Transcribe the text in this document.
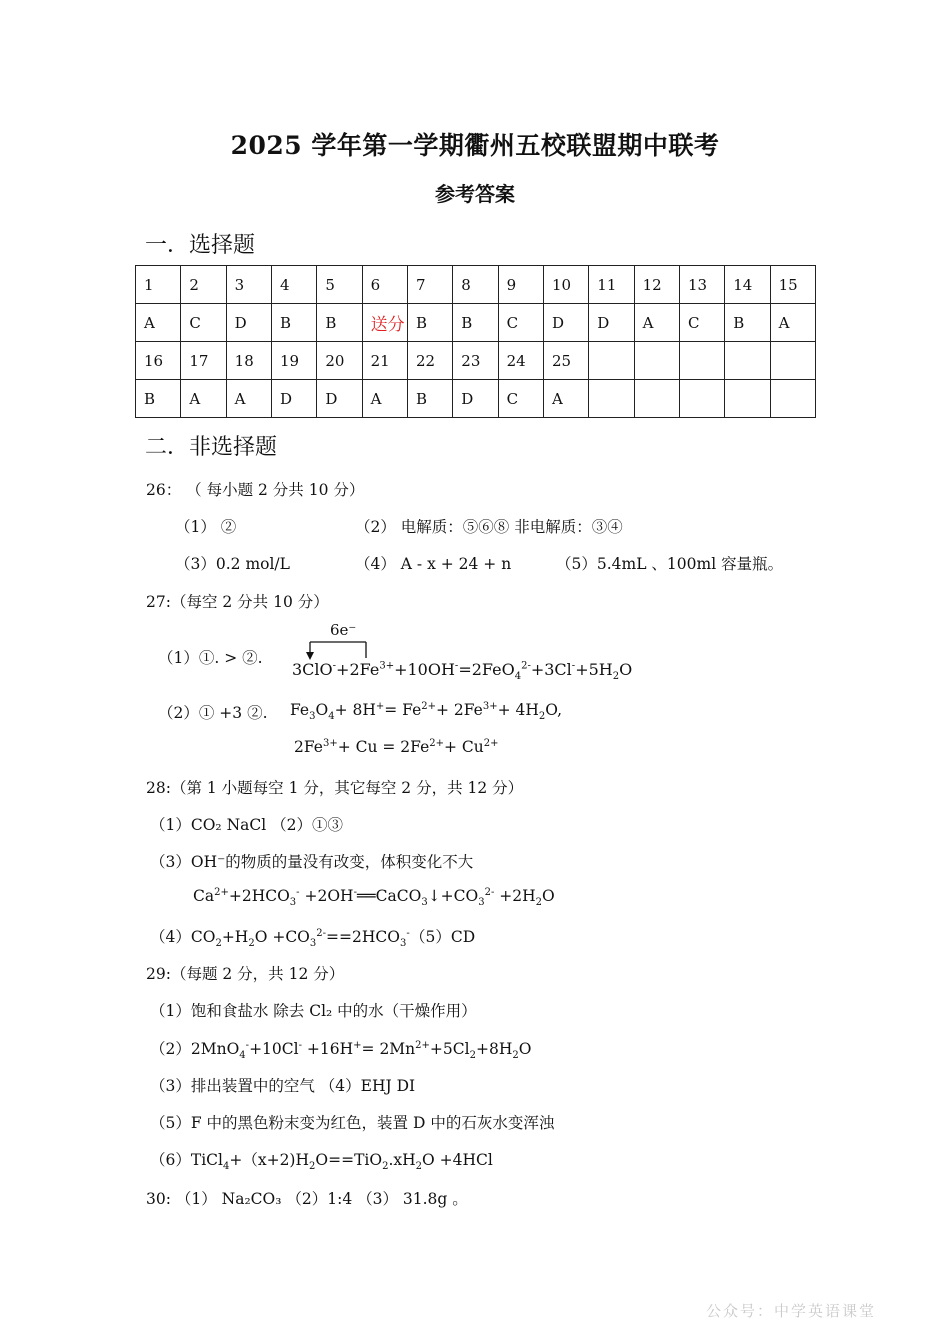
2025 学年第一学期衢州五校联盟期中联考
参考答案
一．选择题
1	2	3	4	5	6	7	8	9	10	11	12	13	14	15
A	C	D	B	B	送分	B	B	C	D	D	A	C	B	A
16	17	18	19	20	21	22	23	24	25					
B	A	A	D	D	A	B	D	C	A					
二．非选择题
26： （ 每小题 2 分共 10 分）
（1） ②	（2） 电解质：⑤⑥⑧ 非电解质：③④
（3）0.2 mol/L	（4） A - x + 24 + n	（5）5.4mL 、100ml 容量瓶。
27:（每空 2 分共 10 分）
（1）①. > ②.
6e⁻
$3ClO^-+2Fe^{3+}+10OH^-=2FeO_4^{2-}+3Cl^-+5H_2O$
（2）① +3 ②. $Fe_3O_4+ 8H^+= Fe^{2+}+ 2Fe^{3+}+ 4H_2O$,
$2Fe^{3+}+ Cu = 2Fe^{2+}+ Cu^{2+}$
28:（第 1 小题每空 1 分，其它每空 2 分，共 12 分）
（1）CO₂ NaCl （2）①③
（3）OH⁻的物质的量没有改变，体积变化不大
$Ca^{2+}+2HCO_3^-$ $+2OH^-══CaCO_3↓+CO_3^{2-} +2H_2O$
$(4)CO_2+H_2O +CO_3^{2-}==2HCO_3^-$ （5）CD
29:（每题 2 分，共 12 分）
（1）饱和食盐水 除去 Cl₂ 中的水（干燥作用）
$(2)2MnO_4^-+10Cl^- +16H^+= 2Mn^{2+}+5Cl_2+8H_2O$
（3）排出装置中的空气 （4）EHJ DI
（5）F 中的黑色粉末变为红色，装置 D 中的石灰水变浑浊
$(6)TiCl_4+(x+2)H_2O==TiO_2.xH_2O +4HCl$
30: （1） Na₂CO₃ （2）1:4 （3） 31.8g 。
公众号：中学英语课堂
